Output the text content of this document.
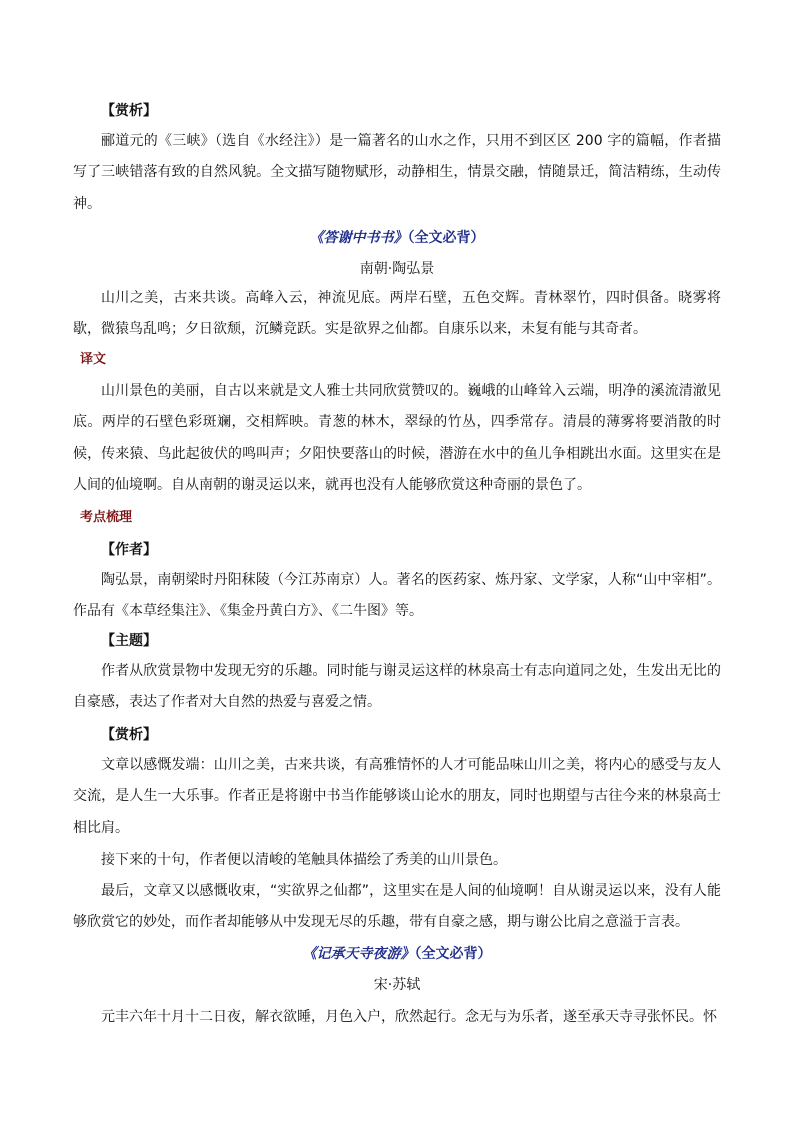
【赏析】

郦道元的《三峡》（选自《水经注》）是一篇著名的山水之作，只用不到区区 200 字的篇幅，作者描写了三峡错落有致的自然风貌。全文描写随物赋形，动静相生，情景交融，情随景迁，简洁精练，生动传神。

《答谢中书书》（全文必背）

南朝·陶弘景

山川之美，古来共谈。高峰入云，神流见底。两岸石壁，五色交辉。青林翠竹，四时俱备。晓雾将歇，微猿鸟乱鸣；夕日欲颓，沉鳞竞跃。实是欲界之仙都。自康乐以来，未复有能与其奇者。

译文

山川景色的美丽，自古以来就是文人雅士共同欣赏赞叹的。巍峨的山峰耸入云端，明净的溪流清澈见底。两岸的石壁色彩斑斓，交相辉映。青葱的林木，翠绿的竹丛，四季常存。清晨的薄雾将要消散的时候，传来猿、鸟此起彼伏的鸣叫声；夕阳快要落山的时候，潜游在水中的鱼儿争相跳出水面。这里实在是人间的仙境啊。自从南朝的谢灵运以来，就再也没有人能够欣赏这种奇丽的景色了。

考点梳理

【作者】

陶弘景，南朝梁时丹阳秣陵（今江苏南京）人。著名的医药家、炼丹家、文学家，人称“山中宰相”。作品有《本草经集注》、《集金丹黄白方》、《二牛图》等。

【主题】

作者从欣赏景物中发现无穷的乐趣。同时能与谢灵运这样的林泉高士有志向道同之处，生发出无比的自豪感，表达了作者对大自然的热爱与喜爱之情。

【赏析】

文章以感慨发端：山川之美，古来共谈，有高雅情怀的人才可能品味山川之美，将内心的感受与友人交流，是人生一大乐事。作者正是将谢中书当作能够谈山论水的朋友，同时也期望与古往今来的林泉高士相比肩。

接下来的十句，作者便以清峻的笔触具体描绘了秀美的山川景色。

最后，文章又以感慨收束，“实欲界之仙都”，这里实在是人间的仙境啊！自从谢灵运以来，没有人能够欣赏它的妙处，而作者却能够从中发现无尽的乐趣，带有自豪之感，期与谢公比肩之意溢于言表。

《记承天寺夜游》（全文必背）

宋·苏轼

元丰六年十月十二日夜，解衣欲睡，月色入户，欣然起行。念无与为乐者，遂至承天寺寻张怀民。怀
